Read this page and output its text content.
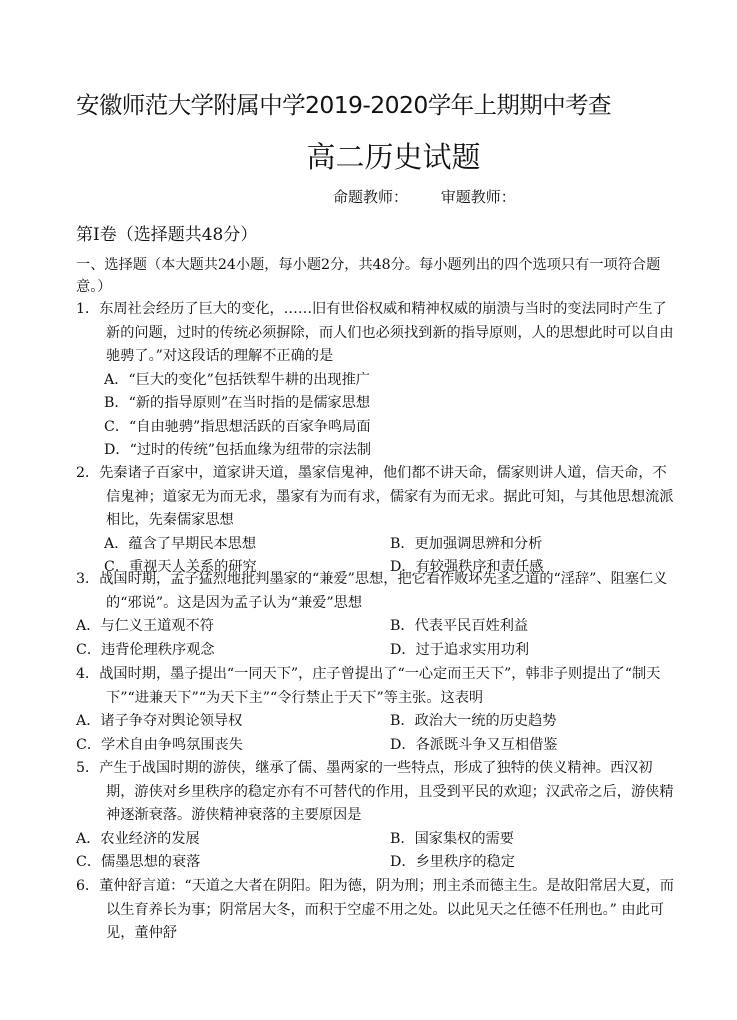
安徽师范大学附属中学2019-2020学年上期期中考查
高二历史试题
命题教师： 审题教师：
第Ⅰ卷（选择题共48分）
一、选择题（本大题共24小题，每小题2分，共48分。每小题列出的四个选项只有一项符合题意。）

1．东周社会经历了巨大的变化，……旧有世俗权威和精神权威的崩溃与当时的变法同时产生了新的问题，过时的传统必须摒除，而人们也必须找到新的指导原则，人的思想此时可以自由驰骋了。”对这段话的理解不正确的是

A．“巨大的变化”包括铁犁牛耕的出现推广

B．“新的指导原则”在当时指的是儒家思想

C．“自由驰骋”指思想活跃的百家争鸣局面

D．“过时的传统”包括血缘为纽带的宗法制

2．先秦诸子百家中，道家讲天道，墨家信鬼神，他们都不讲天命，儒家则讲人道，信天命，不信鬼神；道家无为而无求，墨家有为而有求，儒家有为而无求。据此可知，与其他思想流派相比，先秦儒家思想

A．蕴含了早期民本思想	B．更加强调思辨和分析
C．重视天人关系的研究	D．有较强秩序和责任感

3．战国时期，孟子猛烈地批判墨家的“兼爱”思想，把它看作败坏先圣之道的“淫辞”、阻塞仁义的“邪说”。这是因为孟子认为“兼爱”思想

A．与仁义王道观不符	B．代表平民百姓利益
C．违背伦理秩序观念	D．过于追求实用功利

4．战国时期，墨子提出“一同天下”，庄子曾提出了“一心定而王天下”，韩非子则提出了“制天下”“进兼天下”“为天下主”“令行禁止于天下”等主张。这表明

A．诸子争夺对舆论领导权	B．政治大一统的历史趋势
C．学术自由争鸣氛围丧失	D．各派既斗争又互相借鉴

5．产生于战国时期的游侠，继承了儒、墨两家的一些特点，形成了独特的侠义精神。西汉初期，游侠对乡里秩序的稳定亦有不可替代的作用，且受到平民的欢迎；汉武帝之后，游侠精神逐渐衰落。游侠精神衰落的主要原因是

A．农业经济的发展	B．国家集权的需要
C．儒墨思想的衰落	D．乡里秩序的稳定

6．董仲舒言道：“天道之大者在阴阳。阳为德，阴为刑；刑主杀而德主生。是故阳常居大夏，而以生育养长为事；阴常居大冬，而积于空虚不用之处。以此见天之任德不任刑也。” 由此可见，董仲舒
